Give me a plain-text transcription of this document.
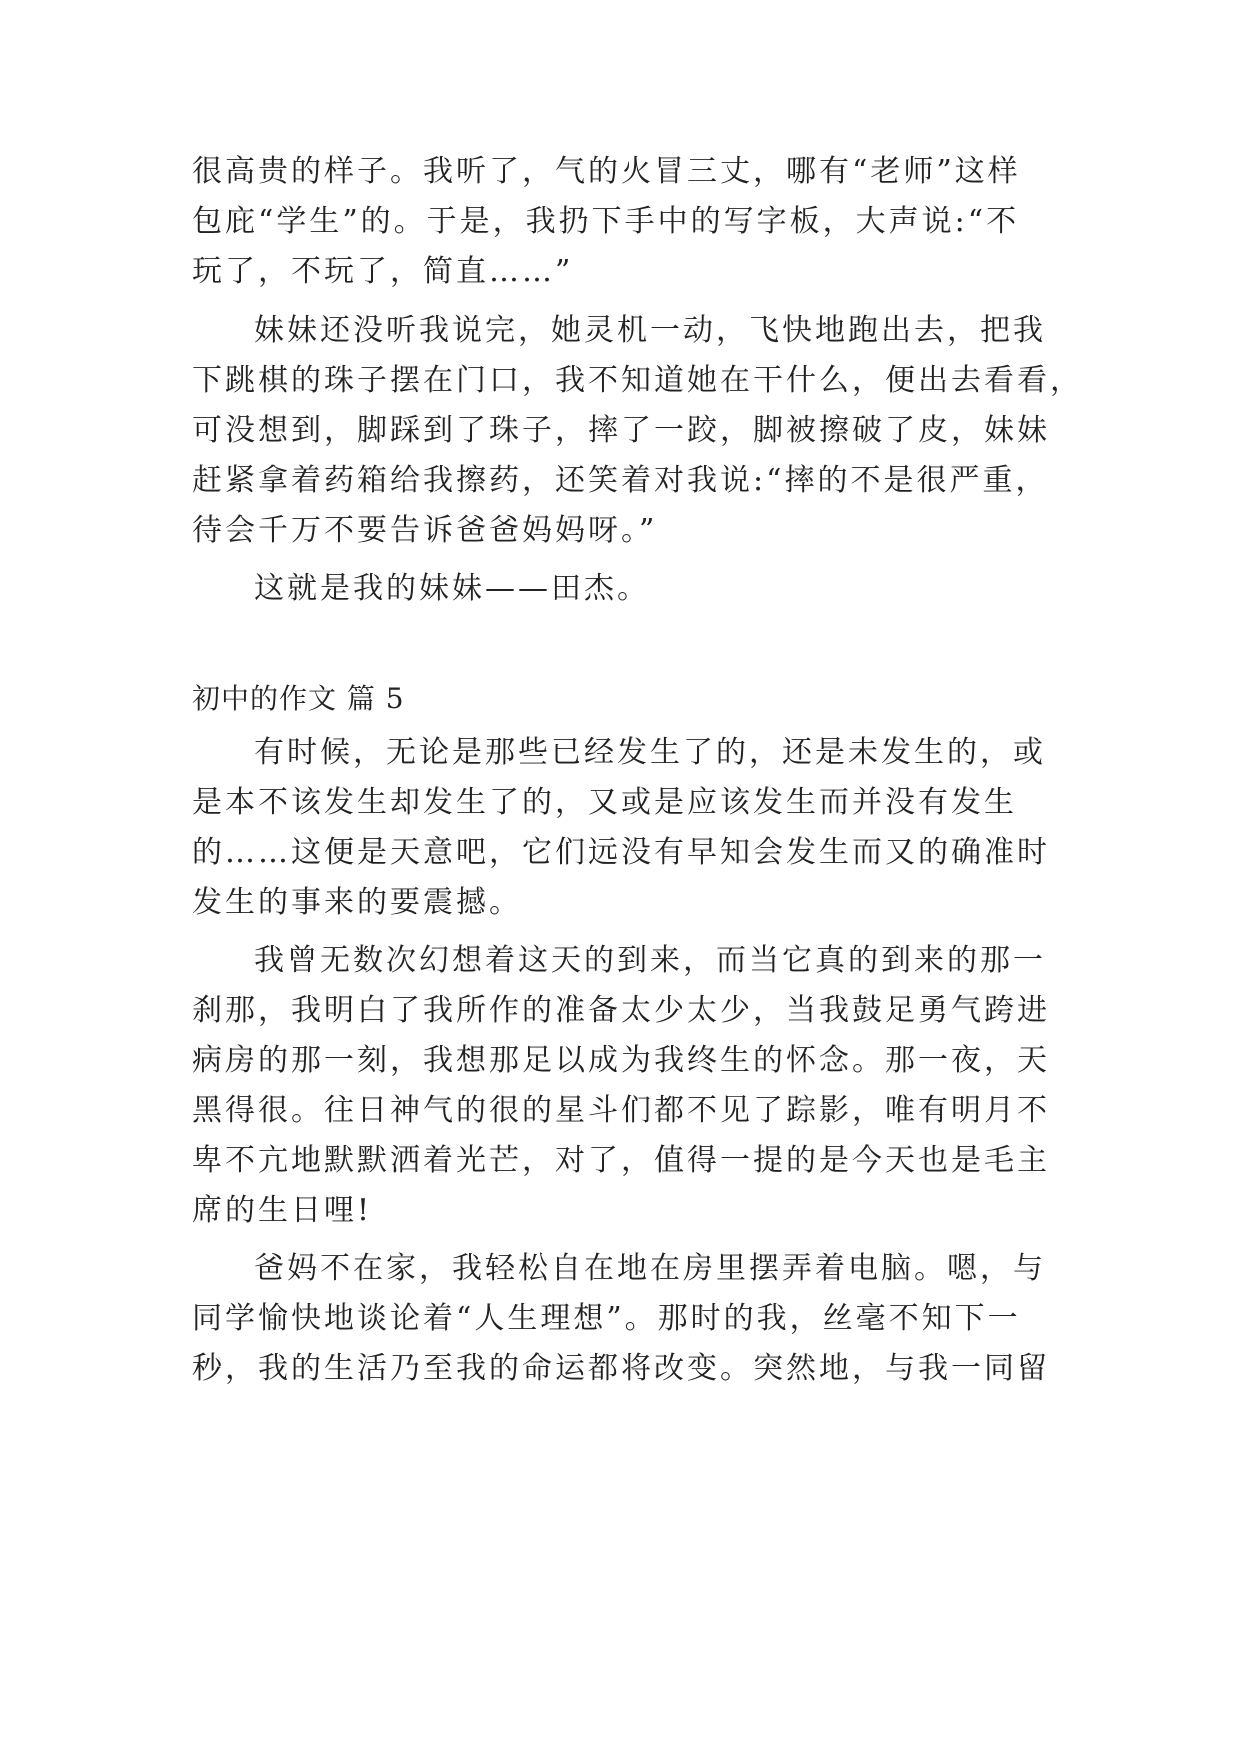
很高贵的样子。我听了，气的火冒三丈，哪有“老师”这样
包庇“学生”的。于是，我扔下手中的写字板，大声说:“不
玩了，不玩了，简直……”
妹妹还没听我说完，她灵机一动，飞快地跑出去，把我
下跳棋的珠子摆在门口，我不知道她在干什么，便出去看看，
可没想到，脚踩到了珠子，摔了一跤，脚被擦破了皮，妹妹
赶紧拿着药箱给我擦药，还笑着对我说:“摔的不是很严重，
待会千万不要告诉爸爸妈妈呀。”
这就是我的妹妹——田杰。
初中的作文 篇 5
有时候，无论是那些已经发生了的，还是未发生的，或
是本不该发生却发生了的，又或是应该发生而并没有发生
的……这便是天意吧，它们远没有早知会发生而又的确准时
发生的事来的要震撼。
我曾无数次幻想着这天的到来，而当它真的到来的那一
刹那，我明白了我所作的准备太少太少，当我鼓足勇气跨进
病房的那一刻，我想那足以成为我终生的怀念。那一夜，天
黑得很。往日神气的很的星斗们都不见了踪影，唯有明月不
卑不亢地默默洒着光芒，对了，值得一提的是今天也是毛主
席的生日哩!
爸妈不在家，我轻松自在地在房里摆弄着电脑。嗯，与
同学愉快地谈论着“人生理想”。那时的我，丝毫不知下一
秒，我的生活乃至我的命运都将改变。突然地，与我一同留
